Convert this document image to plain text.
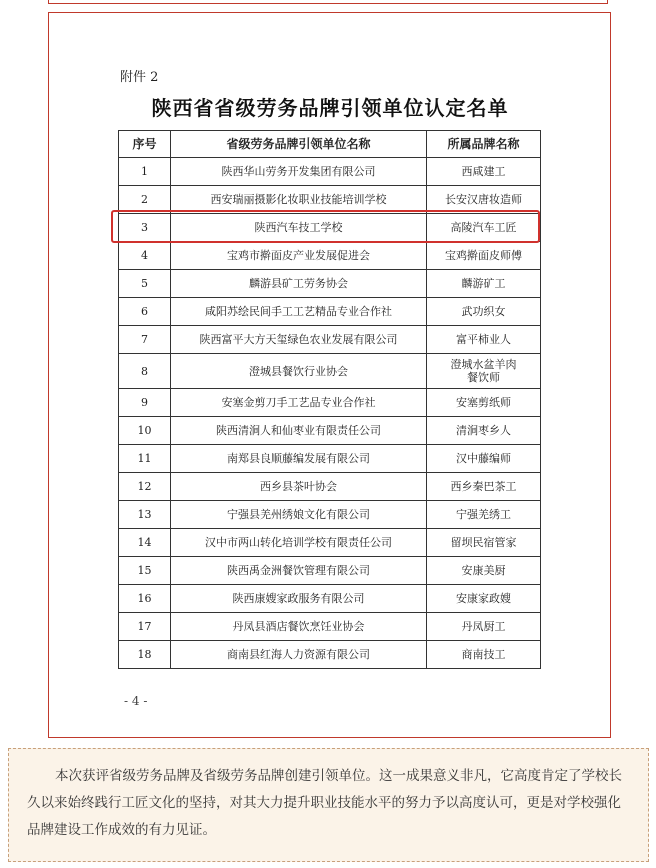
附件 2
陕西省省级劳务品牌引领单位认定名单
序号	省级劳务品牌引领单位名称	所属品牌名称
1	陕西华山劳务开发集团有限公司	西咸建工
2	西安瑞丽摄影化妆职业技能培训学校	长安汉唐妆造师
3	陕西汽车技工学校	高陵汽车工匠
4	宝鸡市擀面皮产业发展促进会	宝鸡擀面皮师傅
5	麟游县矿工劳务协会	麟游矿工
6	咸阳苏绘民间手工工艺精品专业合作社	武功织女
7	陕西富平大方天玺绿色农业发展有限公司	富平柿业人
8	澄城县餐饮行业协会	澄城水盆羊肉
餐饮师
9	安塞金剪刀手工艺品专业合作社	安塞剪纸师
10	陕西清涧人和仙枣业有限责任公司	清涧枣乡人
11	南郑县良顺藤编发展有限公司	汉中藤编师
12	西乡县茶叶协会	西乡秦巴茶工
13	宁强县羌州绣娘文化有限公司	宁强羌绣工
14	汉中市两山转化培训学校有限责任公司	留坝民宿管家
15	陕西禹金洲餐饮管理有限公司	安康美厨
16	陕西康嫂家政服务有限公司	安康家政嫂
17	丹凤县酒店餐饮烹饪业协会	丹凤厨工
18	商南县红海人力资源有限公司	商南技工
- 4 -

本次获评省级劳务品牌及省级劳务品牌创建引领单位。这一成果意义非凡，它高度肯定了学校长久以来始终践行工匠文化的坚持，对其大力提升职业技能水平的努力予以高度认可，更是对学校强化品牌建设工作成效的有力见证。
